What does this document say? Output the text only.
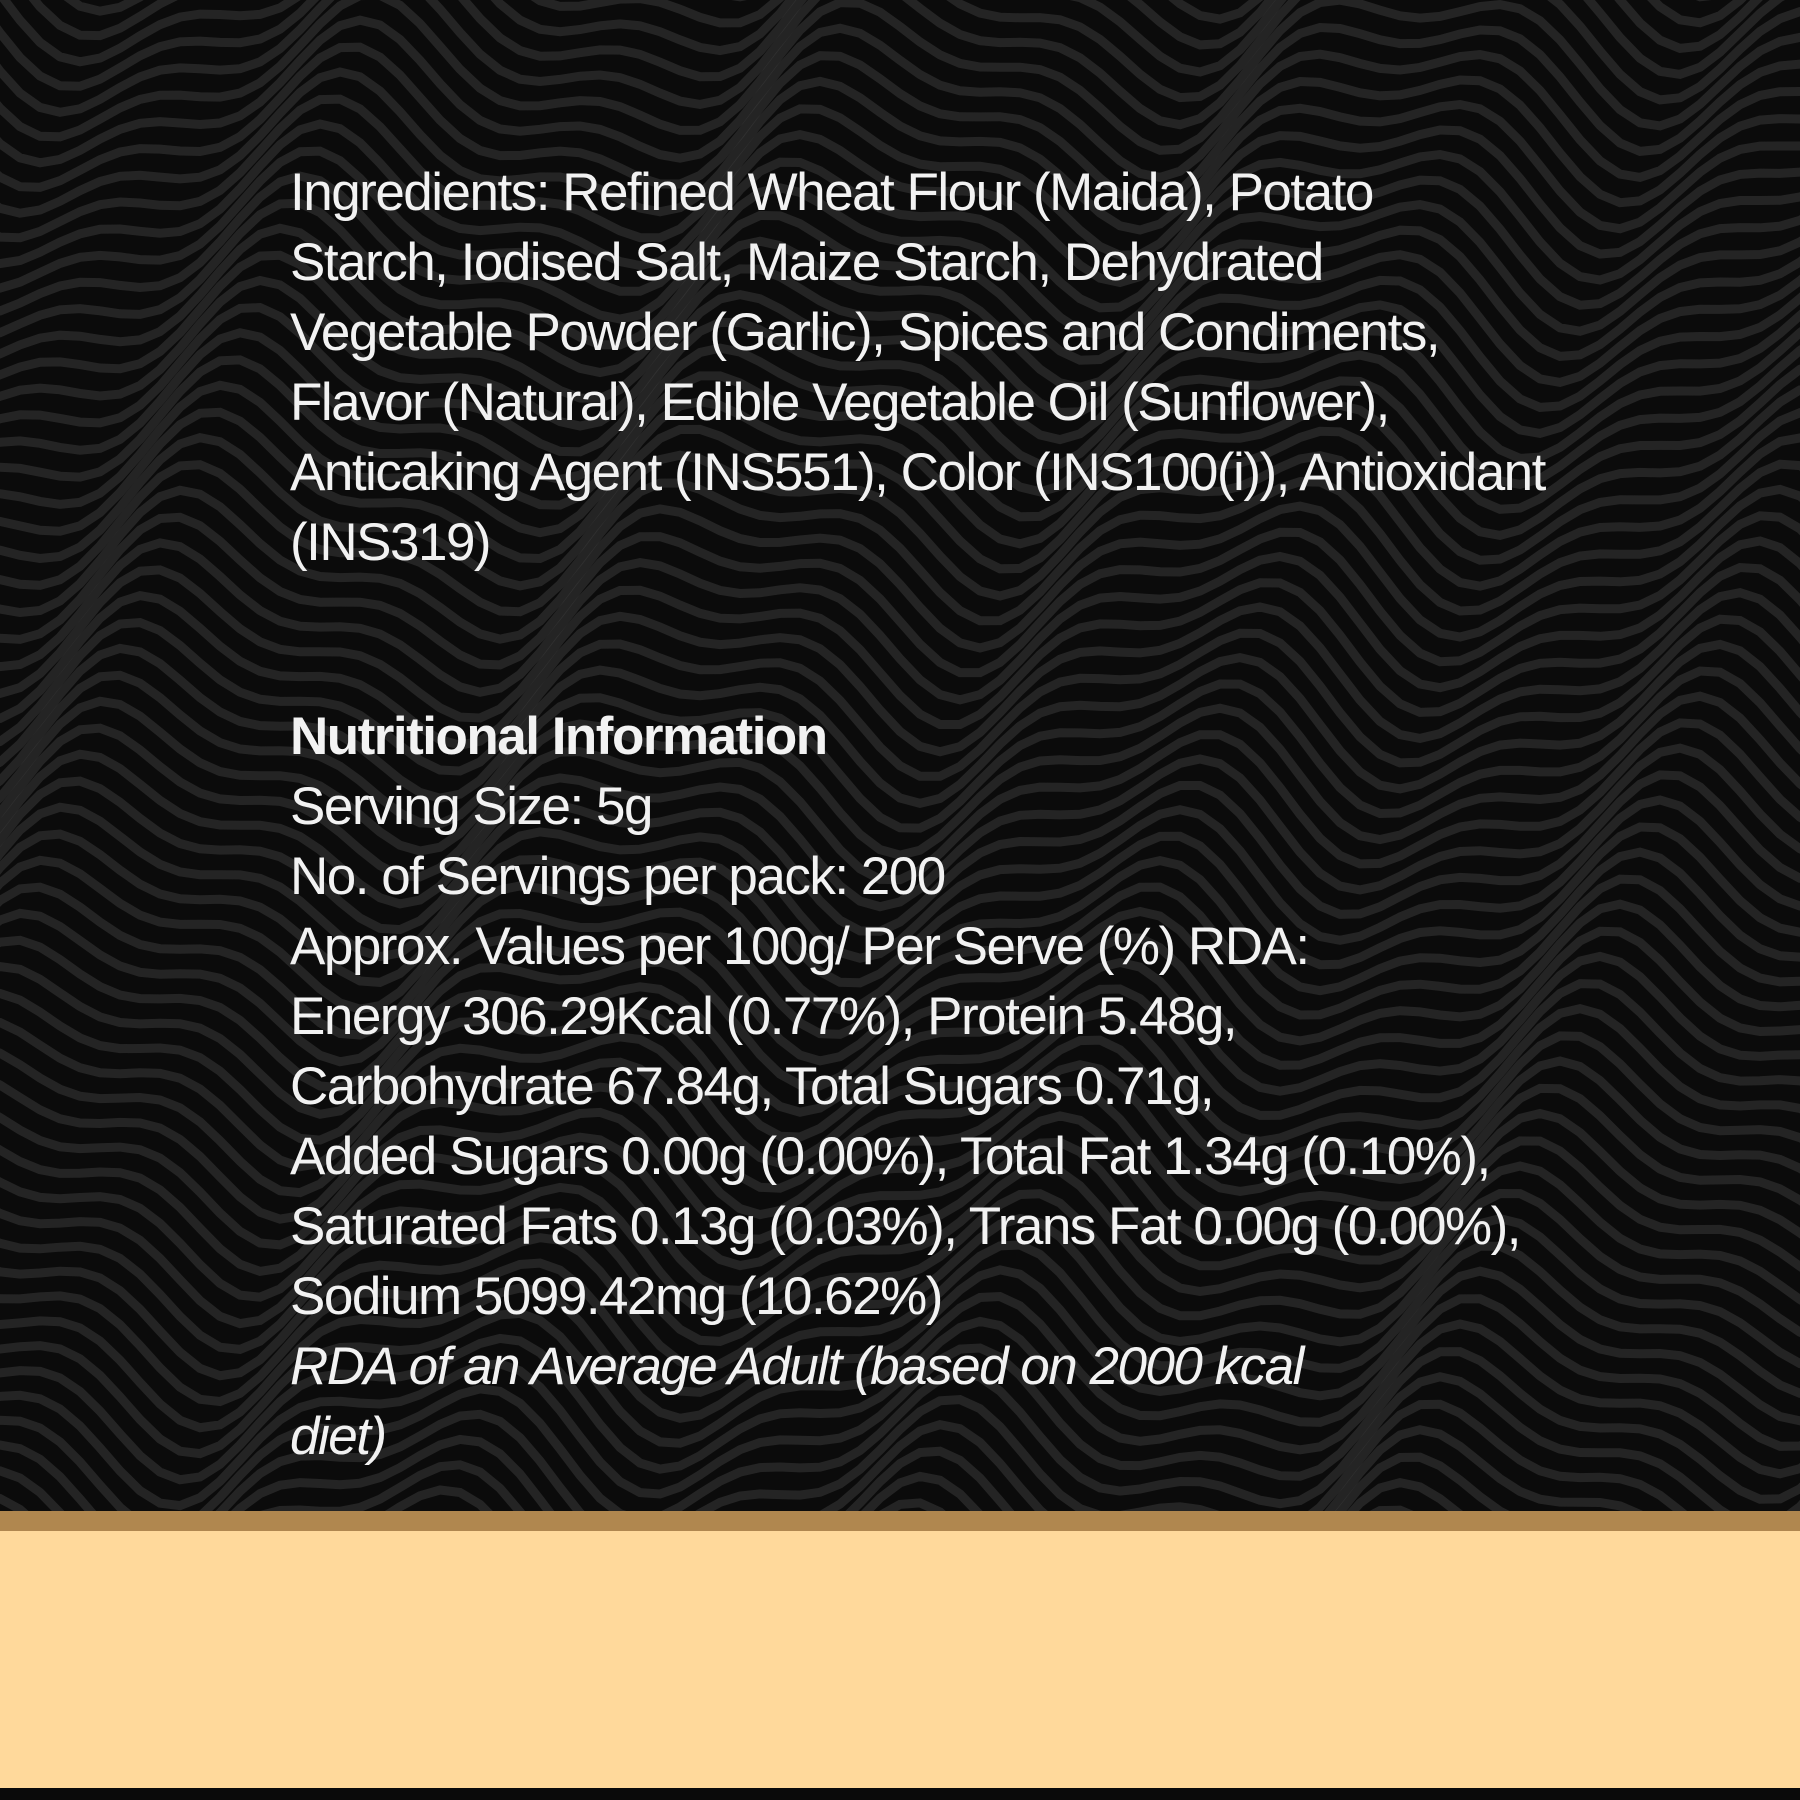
Ingredients: Refined Wheat Flour (Maida), Potato
Starch, Iodised Salt, Maize Starch, Dehydrated
Vegetable Powder (Garlic), Spices and Condiments,
Flavor (Natural), Edible Vegetable Oil (Sunflower),
Anticaking Agent (INS551), Color (INS100(i)), Antioxidant
(INS319)
Nutritional Information
Serving Size: 5g
No. of Servings per pack: 200
Approx. Values per 100g/ Per Serve (%) RDA:
Energy 306.29Kcal (0.77%), Protein 5.48g,
Carbohydrate 67.84g, Total Sugars 0.71g,
Added Sugars 0.00g (0.00%), Total Fat 1.34g (0.10%),
Saturated Fats 0.13g (0.03%), Trans Fat 0.00g (0.00%),
Sodium 5099.42mg (10.62%)
RDA of an Average Adult (based on 2000 kcal
diet)
